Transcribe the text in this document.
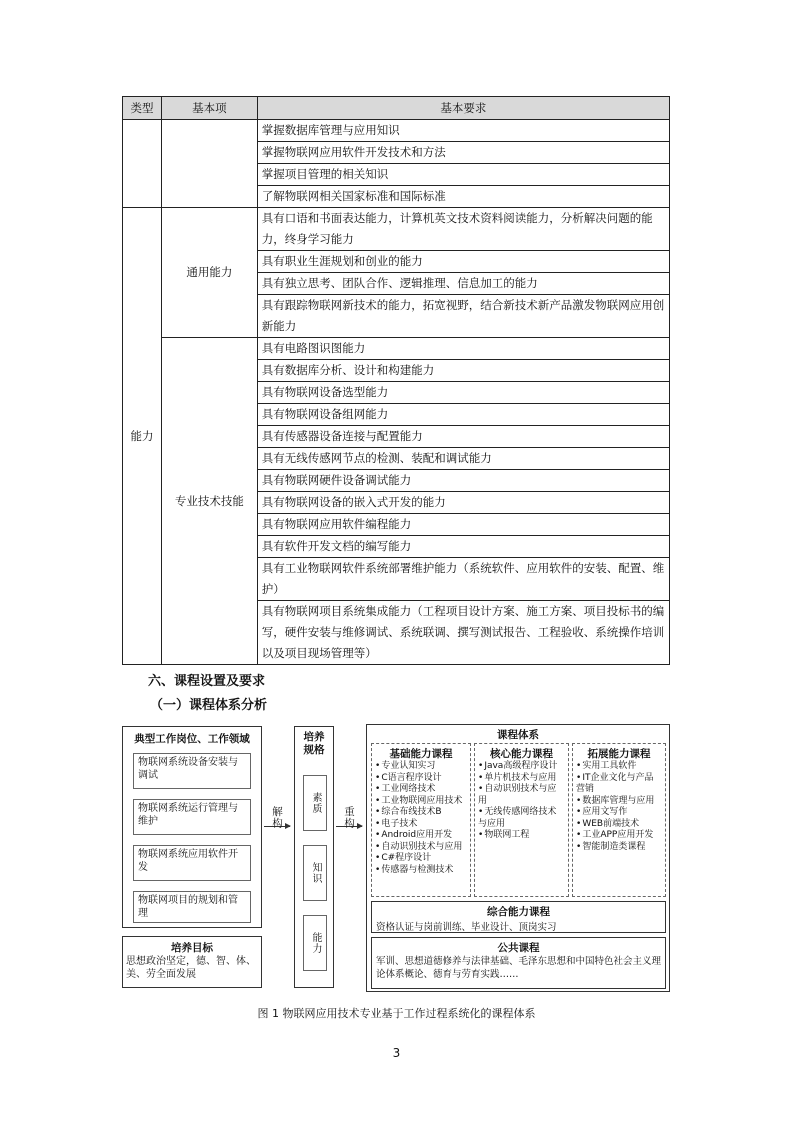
类型	基本项	基本要求
		掌握数据库管理与应用知识
		掌握物联网应用软件开发技术和方法
		掌握项目管理的相关知识
		了解物联网相关国家标准和国际标准
能力	通用能力	具有口语和书面表达能力，计算机英文技术资料阅读能力，分析解决问题的能力，终身学习能力
		具有职业生涯规划和创业的能力
		具有独立思考、团队合作、逻辑推理、信息加工的能力
		具有跟踪物联网新技术的能力，拓宽视野，结合新技术新产品激发物联网应用创新能力
	专业技术技能	具有电路图识图能力
		具有数据库分析、设计和构建能力
		具有物联网设备选型能力
		具有物联网设备组网能力
		具有传感器设备连接与配置能力
		具有无线传感网节点的检测、装配和调试能力
		具有物联网硬件设备调试能力
		具有物联网设备的嵌入式开发的能力
		具有物联网应用软件编程能力
		具有软件开发文档的编写能力
		具有工业物联网软件系统部署维护能力（系统软件、应用软件的安装、配置、维护）
		具有物联网项目系统集成能力（工程项目设计方案、施工方案、项目投标书的编写，硬件安装与维修调试、系统联调、撰写测试报告、工程验收、系统操作培训以及项目现场管理等）
六、课程设置及要求
（一）课程体系分析
典型工作岗位、工作领域
物联网系统设备安装与调试
物联网系统运行管理与维护
物联网系统应用软件开发
物联网项目的规划和管理
培养目标
思想政治坚定，德、智、体、美、劳全面发展
解构
培养规格
素质
知识
能力
重构
课程体系
基础能力课程
• 专业认知实习
• C语言程序设计
• 工业网络技术
• 工业物联网应用技术
• 综合布线技术B
• 电子技术
• Android应用开发
• 自动识别技术与应用
• C#程序设计
• 传感器与检测技术
核心能力课程
• Java高级程序设计
• 单片机技术与应用
• 自动识别技术与应用
• 无线传感网络技术与应用
• 物联网工程
拓展能力课程
• 实用工具软件
• IT企业文化与产品营销
• 数据库管理与应用
• 应用文写作
• WEB前端技术
• 工业APP应用开发
• 智能制造类课程
综合能力课程
资格认证与岗前训练、毕业设计、顶岗实习
公共课程
军训、思想道德修养与法律基础、毛泽东思想和中国特色社会主义理论体系概论、德育与劳育实践……
图 1 物联网应用技术专业基于工作过程系统化的课程体系
3
